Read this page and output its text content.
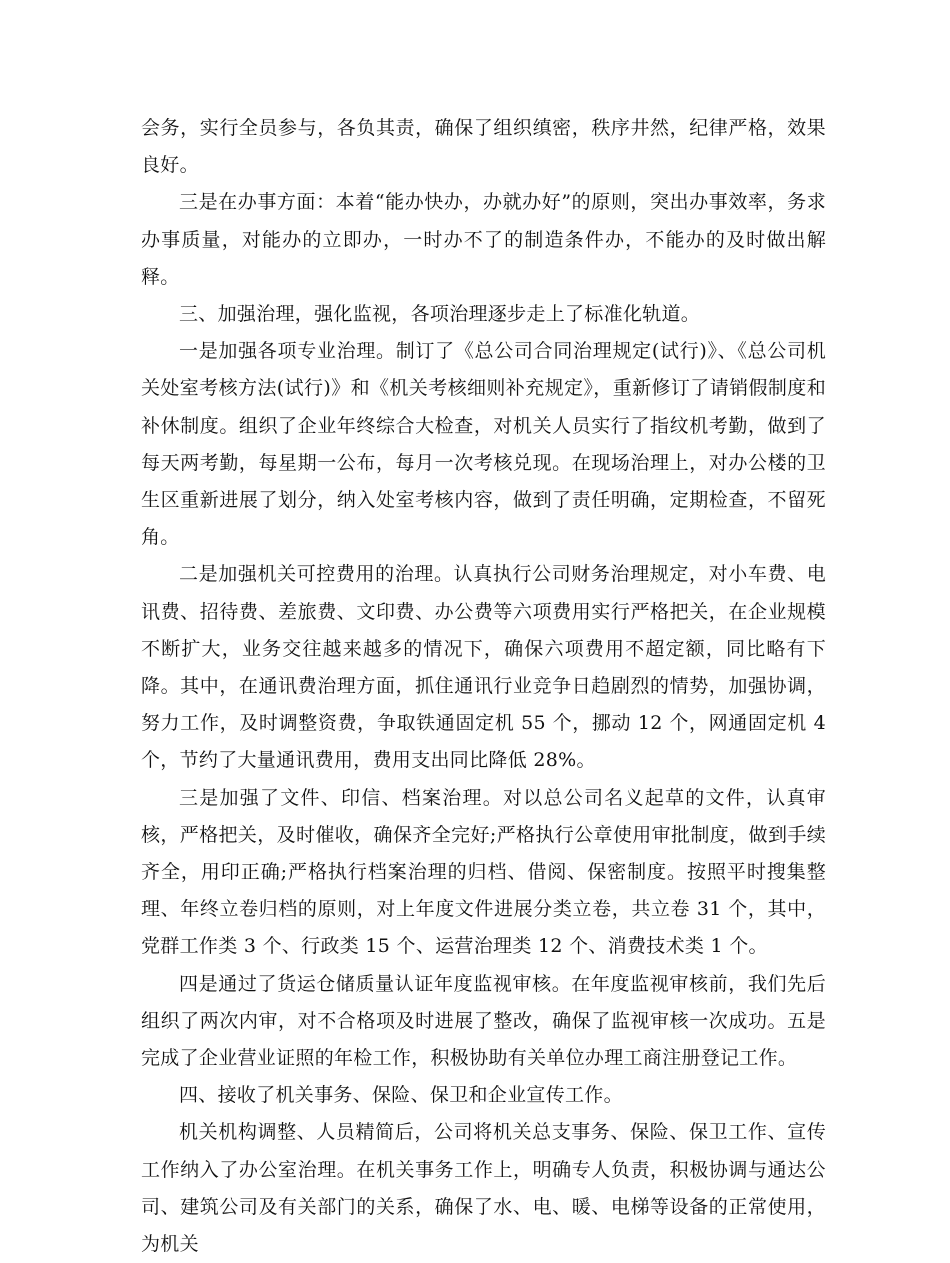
会务，实行全员参与，各负其责，确保了组织缜密，秩序井然，纪律严格，效果良好。

三是在办事方面：本着“能办快办，办就办好”的原则，突出办事效率，务求办事质量，对能办的立即办，一时办不了的制造条件办，不能办的及时做出解释。

三、加强治理，强化监视，各项治理逐步走上了标准化轨道。

一是加强各项专业治理。制订了《总公司合同治理规定(试行)》、《总公司机关处室考核方法(试行)》和《机关考核细则补充规定》，重新修订了请销假制度和补休制度。组织了企业年终综合大检查，对机关人员实行了指纹机考勤，做到了每天两考勤，每星期一公布，每月一次考核兑现。在现场治理上，对办公楼的卫生区重新进展了划分，纳入处室考核内容，做到了责任明确，定期检查，不留死角。

二是加强机关可控费用的治理。认真执行公司财务治理规定，对小车费、电讯费、招待费、差旅费、文印费、办公费等六项费用实行严格把关，在企业规模不断扩大，业务交往越来越多的情况下，确保六项费用不超定额，同比略有下降。其中，在通讯费治理方面，抓住通讯行业竞争日趋剧烈的情势，加强协调，努力工作，及时调整资费，争取铁通固定机 55 个，挪动 12 个，网通固定机 4 个，节约了大量通讯费用，费用支出同比降低 28%。

三是加强了文件、印信、档案治理。对以总公司名义起草的文件，认真审核，严格把关，及时催收，确保齐全完好;严格执行公章使用审批制度，做到手续齐全，用印正确;严格执行档案治理的归档、借阅、保密制度。按照平时搜集整理、年终立卷归档的原则，对上年度文件进展分类立卷，共立卷 31 个，其中，党群工作类 3 个、行政类 15 个、运营治理类 12 个、消费技术类 1 个。

四是通过了货运仓储质量认证年度监视审核。在年度监视审核前，我们先后组织了两次内审，对不合格项及时进展了整改，确保了监视审核一次成功。五是完成了企业营业证照的年检工作，积极协助有关单位办理工商注册登记工作。

四、接收了机关事务、保险、保卫和企业宣传工作。

机关机构调整、人员精简后，公司将机关总支事务、保险、保卫工作、宣传工作纳入了办公室治理。在机关事务工作上，明确专人负责，积极协调与通达公司、建筑公司及有关部门的关系，确保了水、电、暖、电梯等设备的正常使用，为机关
